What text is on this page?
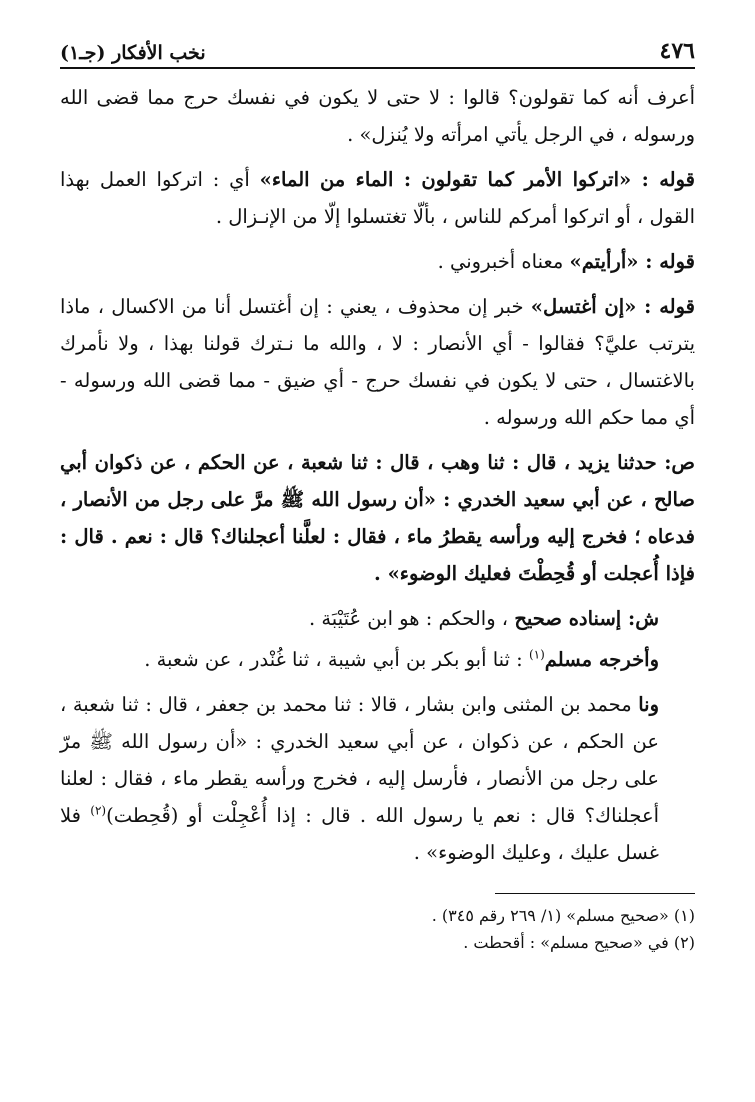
٤٧٦
نخب الأفكار (جـ١)

أعرف أنه كما تقولون؟ قالوا : لا حتى لا يكون في نفسك حرج مما قضى الله ورسوله ، في الرجل يأتي امرأته ولا يُنزل» .

قوله : «اتركوا الأمر كما تقولون : الماء من الماء» أي : اتركوا العمل بهذا القول ، أو اتركوا أمركم للناس ، بألّا تغتسلوا إلّا من الإنـزال .

قوله : «أرأيتم» معناه أخبروني .

قوله : «إن أغتسل» خبر إن محذوف ، يعني : إن أغتسل أنا من الاكسال ، ماذا يترتب عليَّ؟ فقالوا - أي الأنصار : لا ، والله ما نـترك قولنا بهذا ، ولا نأمرك بالاغتسال ، حتى لا يكون في نفسك حرج - أي ضيق - مما قضى الله ورسوله - أي مما حكم الله ورسوله .

ص: حدثنا يزيد ، قال : ثنا وهب ، قال : ثنا شعبة ، عن الحكم ، عن ذكوان أبي صالح ، عن أبي سعيد الخدري : «أن رسول الله ﷺ مرَّ على رجل من الأنصار ، فدعاه ؛ فخرج إليه ورأسه يقطرُ ماء ، فقال : لعلَّنا أعجلناك؟ قال : نعم . قال : فإذا أُعجلت أو قُحِطْتَ فعليك الوضوء» .

ش: إسناده صحيح ، والحكم : هو ابن عُتَيْبَة .

وأخرجه مسلم$^{(١)}$ : ثنا أبو بكر بن أبي شيبة ، ثنا غُنْدر ، عن شعبة .

ونا محمد بن المثنى وابن بشار ، قالا : ثنا محمد بن جعفر ، قال : ثنا شعبة ، عن الحكم ، عن ذكوان ، عن أبي سعيد الخدري : «أن رسول الله ﷺ مرّ على رجل من الأنصار ، فأرسل إليه ، فخرج ورأسه يقطر ماء ، فقال : لعلنا أعجلناك؟ قال : نعم يا رسول الله . قال : إذا أُعْجِلْت أو (قُحِطت)$^{(٢)}$ فلا غسل عليك ، وعليك الوضوء» .

(١) «صحيح مسلم» (١/ ٢٦٩ رقم ٣٤٥) .

(٢) في «صحيح مسلم» : أقحطت .
